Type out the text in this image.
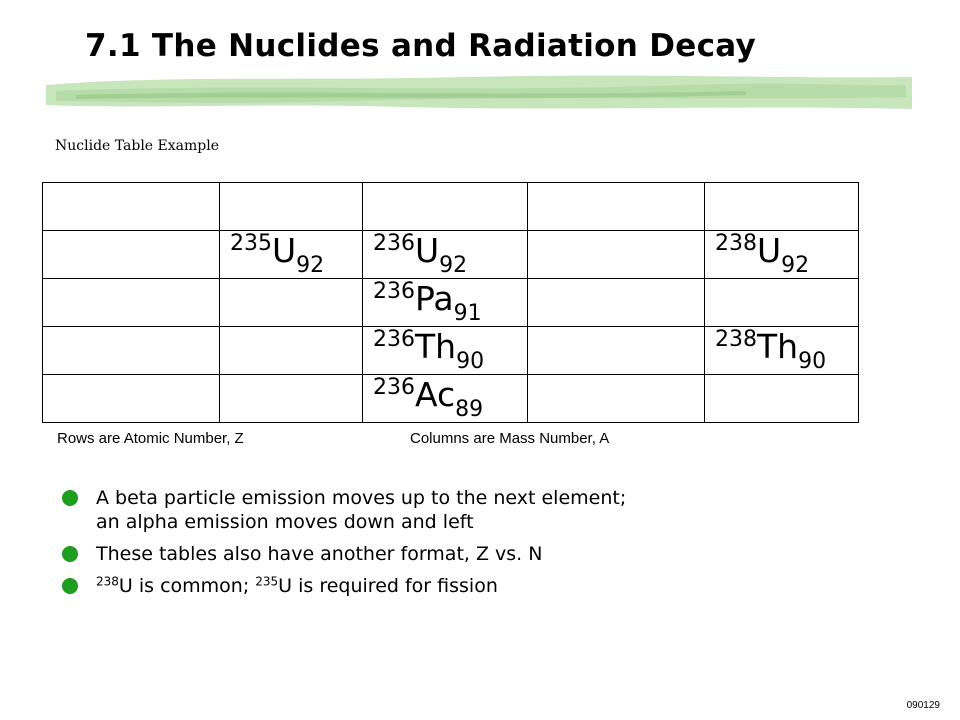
7.1 The Nuclides and Radiation Decay
Nuclide Table Example

	$^{235}U_{92}$	$^{236}U_{92}$		$^{238}U_{92}$
		$^{236}Pa_{91}$		
		$^{236}Th_{90}$		$^{238}Th_{90}$
		$^{236}Ac_{89}$		
Rows are Atomic Number, Z	Columns are Mass Number, A
A beta particle emission moves up to the next element;
an alpha emission moves down and left
These tables also have another format, Z vs. N
$^{238}$U is common; $^{235}$U is required for fission
090129
